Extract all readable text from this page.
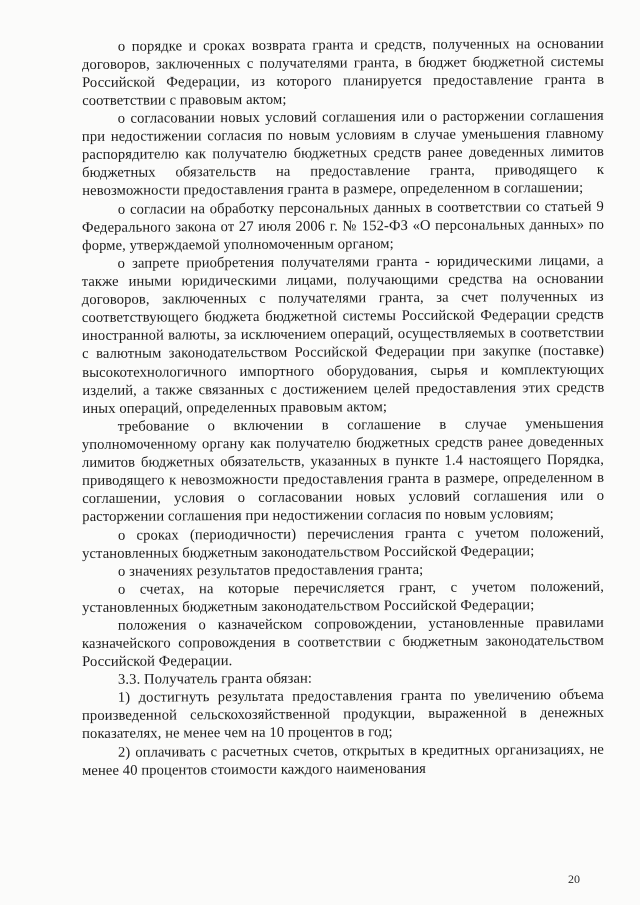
о порядке и сроках возврата гранта и средств, полученных на основании договоров, заключенных с получателями гранта, в бюджет бюджетной системы Российской Федерации, из которого планируется предоставление гранта в соответствии с правовым актом;

о согласовании новых условий соглашения или о расторжении соглашения при недостижении согласия по новым условиям в случае уменьшения главному распорядителю как получателю бюджетных средств ранее доведенных лимитов бюджетных обязательств на предоставление гранта, приводящего к невозможности предоставления гранта в размере, определенном в соглашении;

о согласии на обработку персональных данных в соответствии со статьей 9 Федерального закона от 27 июля 2006 г. № 152-ФЗ «О персональных данных» по форме, утверждаемой уполномоченным органом;

о запрете приобретения получателями гранта - юридическими лицами, а также иными юридическими лицами, получающими средства на основании договоров, заключенных с получателями гранта, за счет полученных из соответствующего бюджета бюджетной системы Российской Федерации средств иностранной валюты, за исключением операций, осуществляемых в соответствии с валютным законодательством Российской Федерации при закупке (поставке) высокотехнологичного импортного оборудования, сырья и комплектующих изделий, а также связанных с достижением целей предоставления этих средств иных операций, определенных правовым актом;

требование о включении в соглашение в случае уменьшения уполномоченному органу как получателю бюджетных средств ранее доведенных лимитов бюджетных обязательств, указанных в пункте 1.4 настоящего Порядка, приводящего к невозможности предоставления гранта в размере, определенном в соглашении, условия о согласовании новых условий соглашения или о расторжении соглашения при недостижении согласия по новым условиям;

о сроках (периодичности) перечисления гранта с учетом положений, установленных бюджетным законодательством Российской Федерации;

о значениях результатов предоставления гранта;

о счетах, на которые перечисляется грант, с учетом положений, установленных бюджетным законодательством Российской Федерации;

положения о казначейском сопровождении, установленные правилами казначейского сопровождения в соответствии с бюджетным законодательством Российской Федерации.

3.3. Получатель гранта обязан:

1) достигнуть результата предоставления гранта по увеличению объема произведенной сельскохозяйственной продукции, выраженной в денежных показателях, не менее чем на 10 процентов в год;

2) оплачивать с расчетных счетов, открытых в кредитных организациях, не менее 40 процентов стоимости каждого наименования

20
